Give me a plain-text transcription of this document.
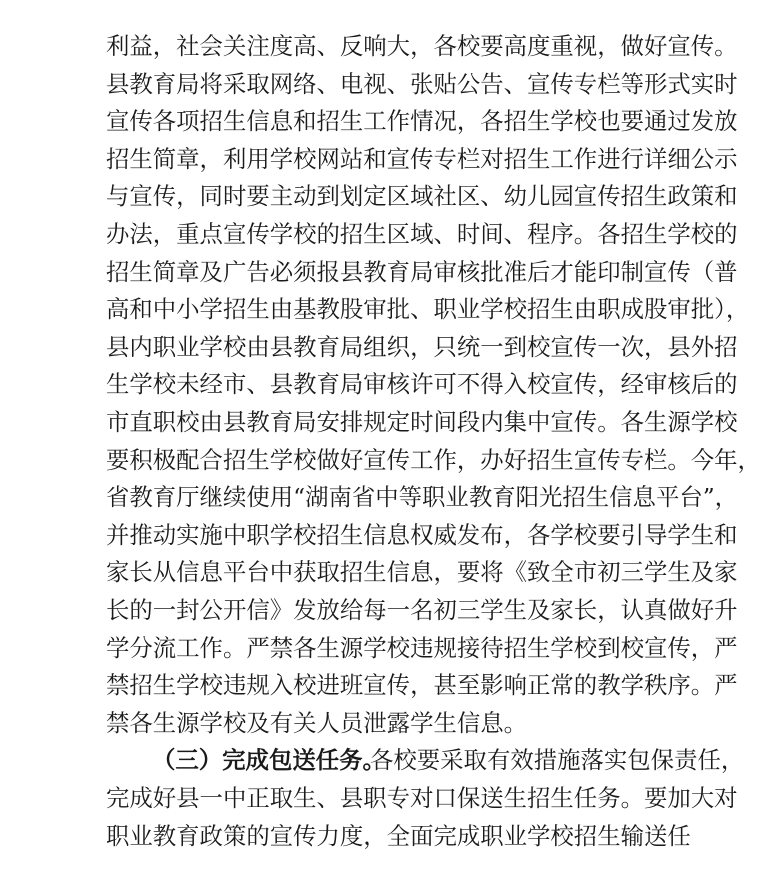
利益，社会关注度高、反响大，各校要高度重视，做好宣传。
县教育局将采取网络、电视、张贴公告、宣传专栏等形式实时
宣传各项招生信息和招生工作情况，各招生学校也要通过发放
招生简章，利用学校网站和宣传专栏对招生工作进行详细公示
与宣传，同时要主动到划定区域社区、幼儿园宣传招生政策和
办法，重点宣传学校的招生区域、时间、程序。各招生学校的
招生简章及广告必须报县教育局审核批准后才能印制宣传（普
高和中小学招生由基教股审批、职业学校招生由职成股审批），
县内职业学校由县教育局组织，只统一到校宣传一次，县外招
生学校未经市、县教育局审核许可不得入校宣传，经审核后的
市直职校由县教育局安排规定时间段内集中宣传。各生源学校
要积极配合招生学校做好宣传工作，办好招生宣传专栏。今年，
省教育厅继续使用“湖南省中等职业教育阳光招生信息平台”，
并推动实施中职学校招生信息权威发布，各学校要引导学生和
家长从信息平台中获取招生信息，要将《致全市初三学生及家
长的一封公开信》发放给每一名初三学生及家长，认真做好升
学分流工作。严禁各生源学校违规接待招生学校到校宣传，严
禁招生学校违规入校进班宣传，甚至影响正常的教学秩序。严
禁各生源学校及有关人员泄露学生信息。
（三）完成包送任务。
各校要采取有效措施落实包保责任，
完成好县一中正取生、县职专对口保送生招生任务。要加大对
职业教育政策的宣传力度，全面完成职业学校招生输送任
